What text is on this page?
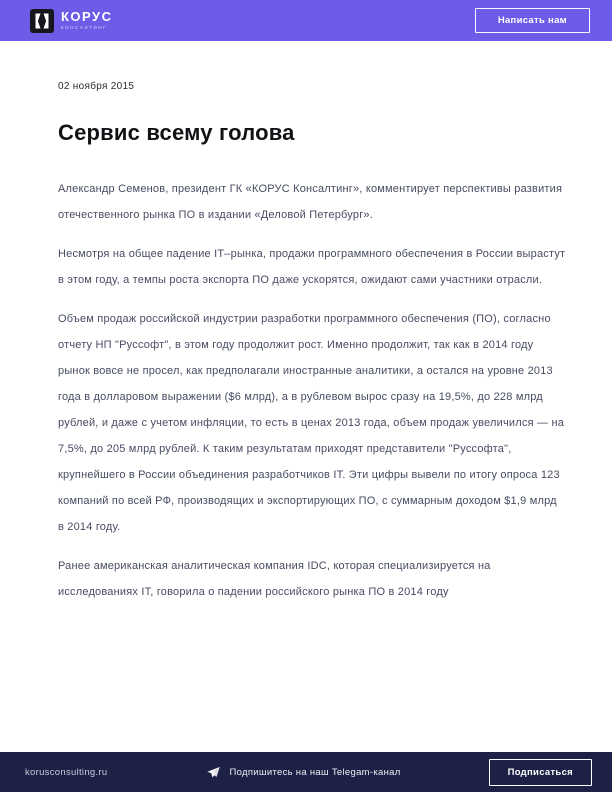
КОРУС
КОНСАЛТИНГ
Написать нам
02 ноября 2015
Сервис всему голова

Александр Семенов, президент ГК «КОРУС Консалтинг», комментирует перспективы развития отечественного рынка ПО в издании «Деловой Петербург».

Несмотря на общее падение IT–рынка, продажи программного обеспечения в России вырастут в этом году, а темпы роста экспорта ПО даже ускорятся, ожидают сами участники отрасли.

Объем продаж российской индустрии разработки программного обеспечения (ПО), согласно отчету НП "Руссофт", в этом году продолжит рост. Именно продолжит, так как в 2014 году рынок вовсе не просел, как предполагали иностранные аналитики, а остался на уровне 2013 года в долларовом выражении ($6 млрд), а в рублевом вырос сразу на 19,5%, до 228 млрд рублей, и даже с учетом инфляции, то есть в ценах 2013 года, объем продаж увеличился — на 7,5%, до 205 млрд рублей. К таким результатам приходят представители "Руссофта", крупнейшего в России объединения разработчиков IT. Эти цифры вывели по итогу опроса 123 компаний по всей РФ, производящих и экспортирующих ПО, с суммарным доходом $1,9 млрд в 2014 году.

Ранее американская аналитическая компания IDC, которая специализируется на исследованиях IT, говорила о падении российского рынка ПО в 2014 году

korusconsulting.ru	Подпишитесь на наш Telegam-канал	Подписаться
